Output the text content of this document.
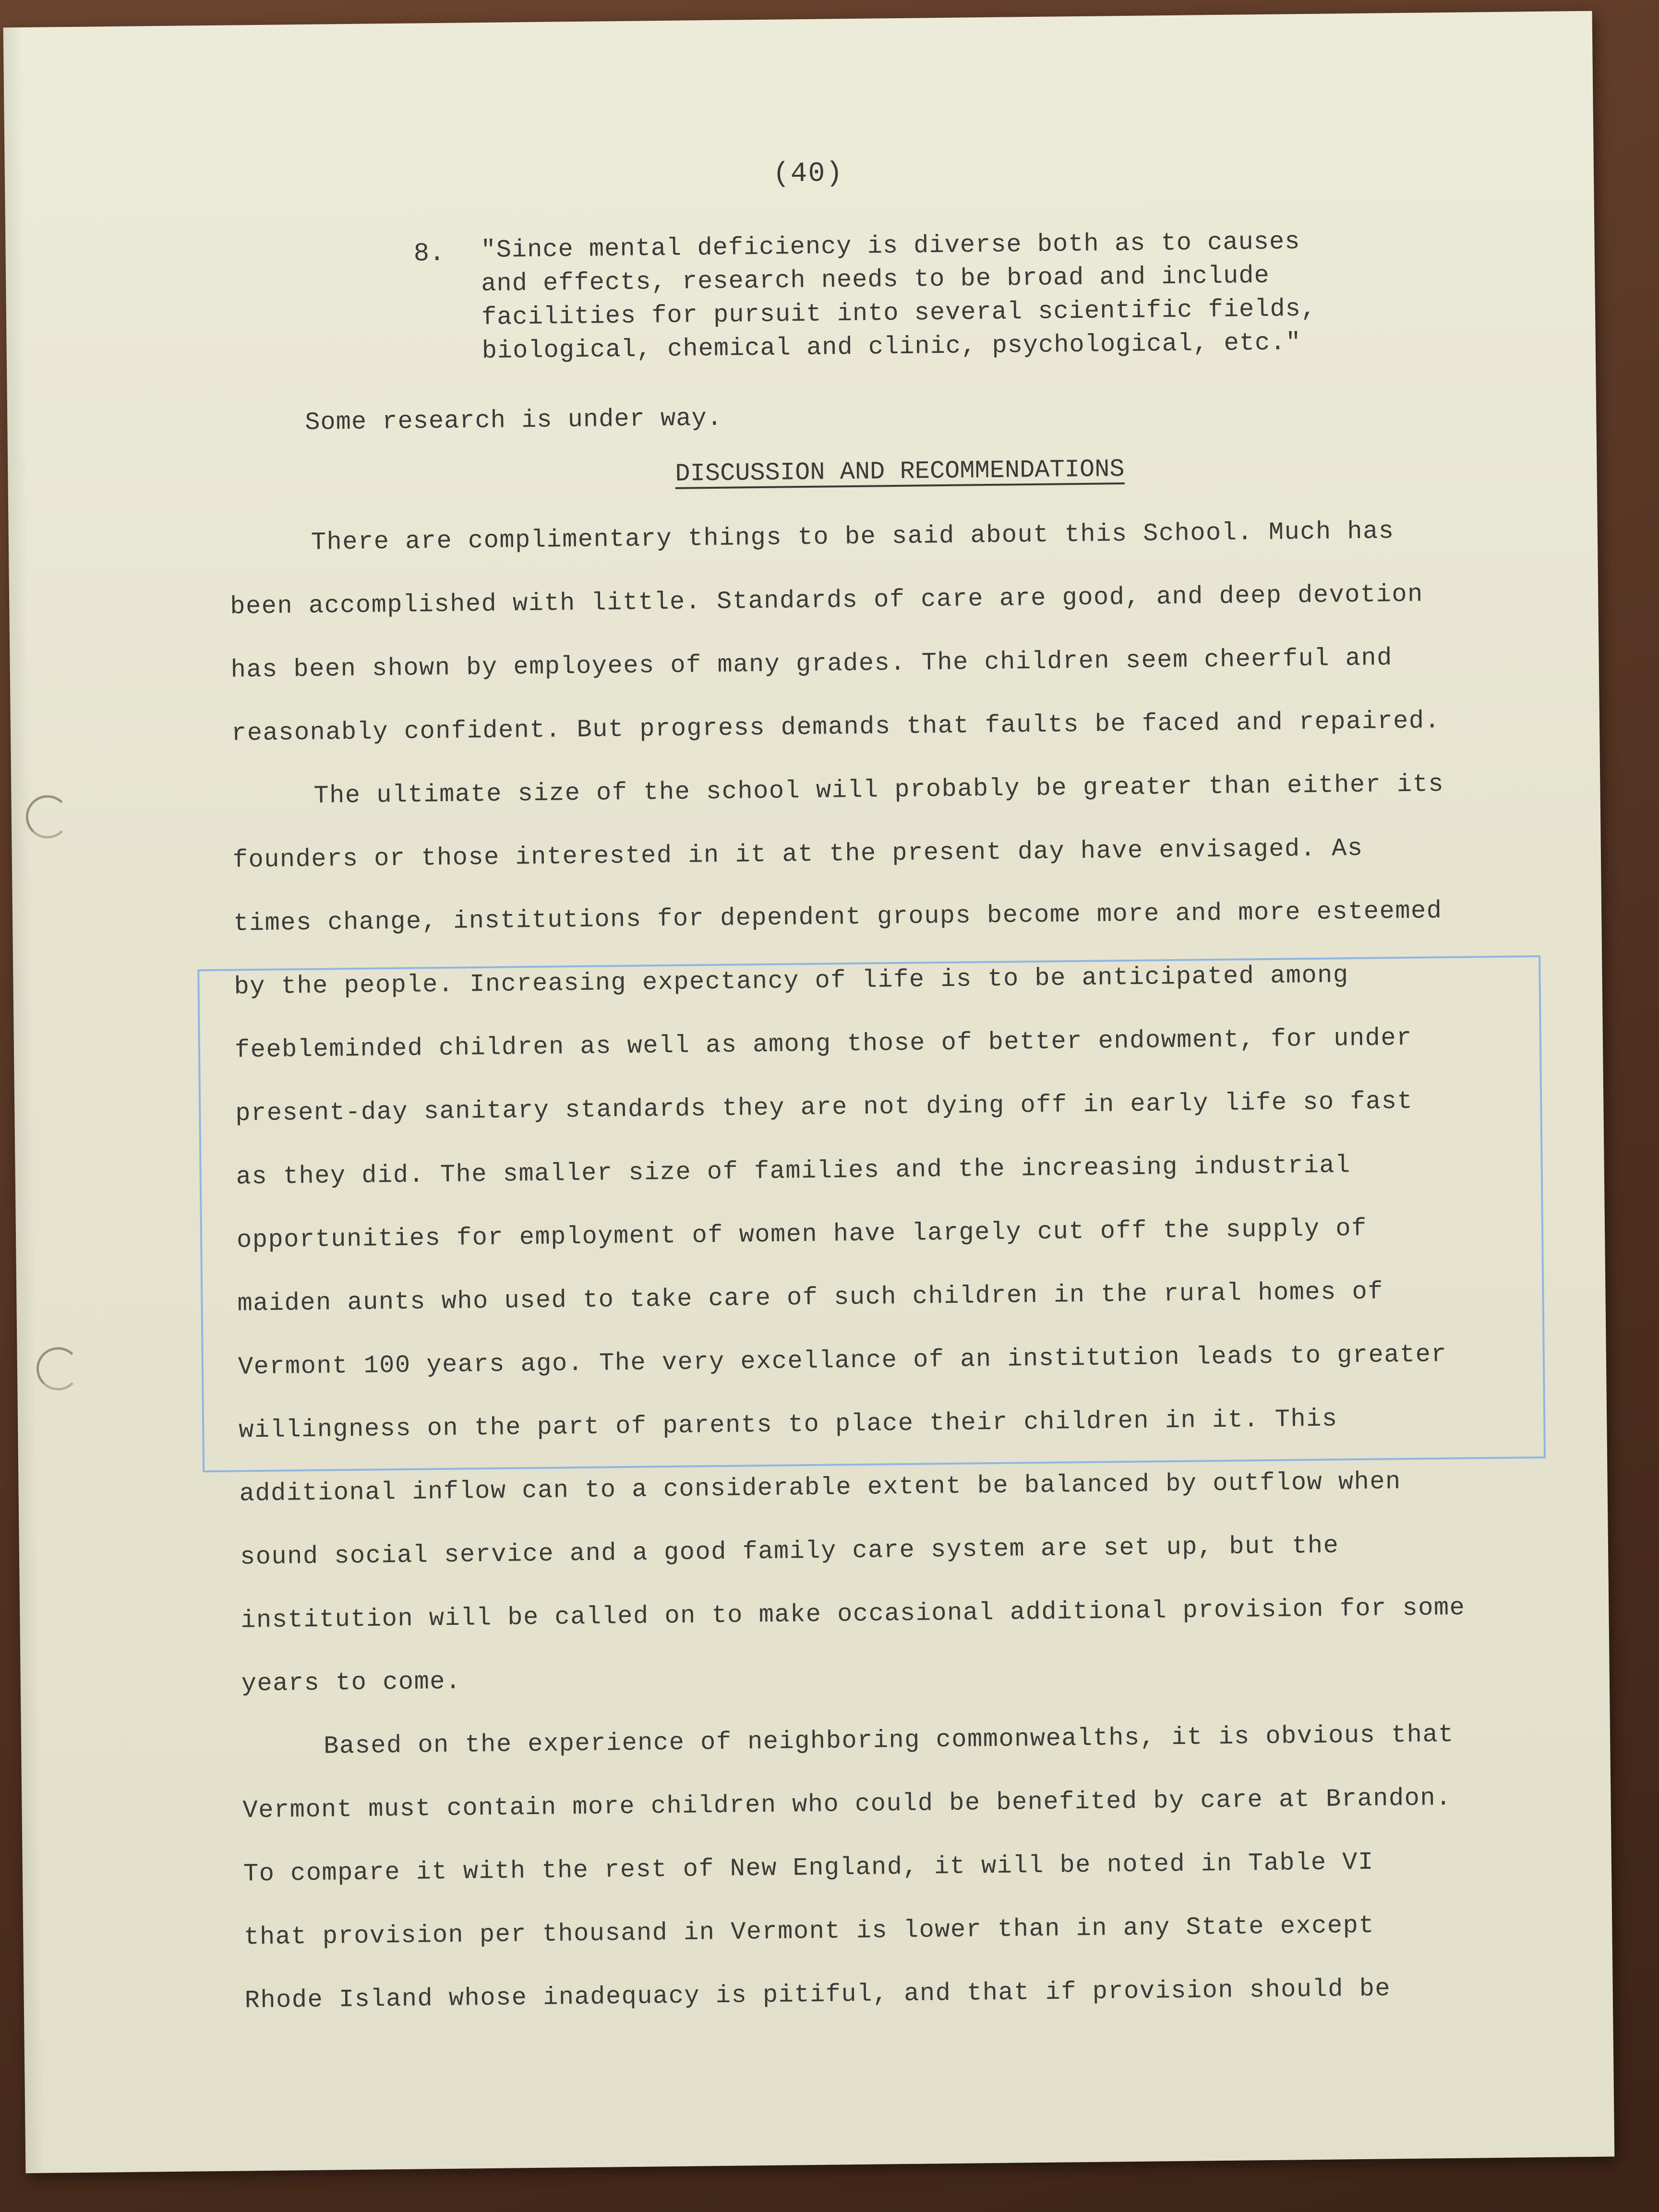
(40)
8. "Since mental deficiency is diverse both as to causes
and effects, research needs to be broad and include
facilities for pursuit into several scientific fields,
biological, chemical and clinic, psychological, etc."
Some research is under way.
DISCUSSION AND RECOMMENDATIONS
There are complimentary things to be said about this School. Much has
been accomplished with little. Standards of care are good, and deep devotion
has been shown by employees of many grades. The children seem cheerful and
reasonably confident. But progress demands that faults be faced and repaired.
The ultimate size of the school will probably be greater than either its
founders or those interested in it at the present day have envisaged. As
times change, institutions for dependent groups become more and more esteemed
by the people. Increasing expectancy of life is to be anticipated among
feebleminded children as well as among those of better endowment, for under
present-day sanitary standards they are not dying off in early life so fast
as they did. The smaller size of families and the increasing industrial
opportunities for employment of women have largely cut off the supply of
maiden aunts who used to take care of such children in the rural homes of
Vermont 100 years ago. The very excellance of an institution leads to greater
willingness on the part of parents to place their children in it. This
additional inflow can to a considerable extent be balanced by outflow when
sound social service and a good family care system are set up, but the
institution will be called on to make occasional additional provision for some
years to come.
Based on the experience of neighboring commonwealths, it is obvious that
Vermont must contain more children who could be benefited by care at Brandon.
To compare it with the rest of New England, it will be noted in Table VI
that provision per thousand in Vermont is lower than in any State except
Rhode Island whose inadequacy is pitiful, and that if provision should be
